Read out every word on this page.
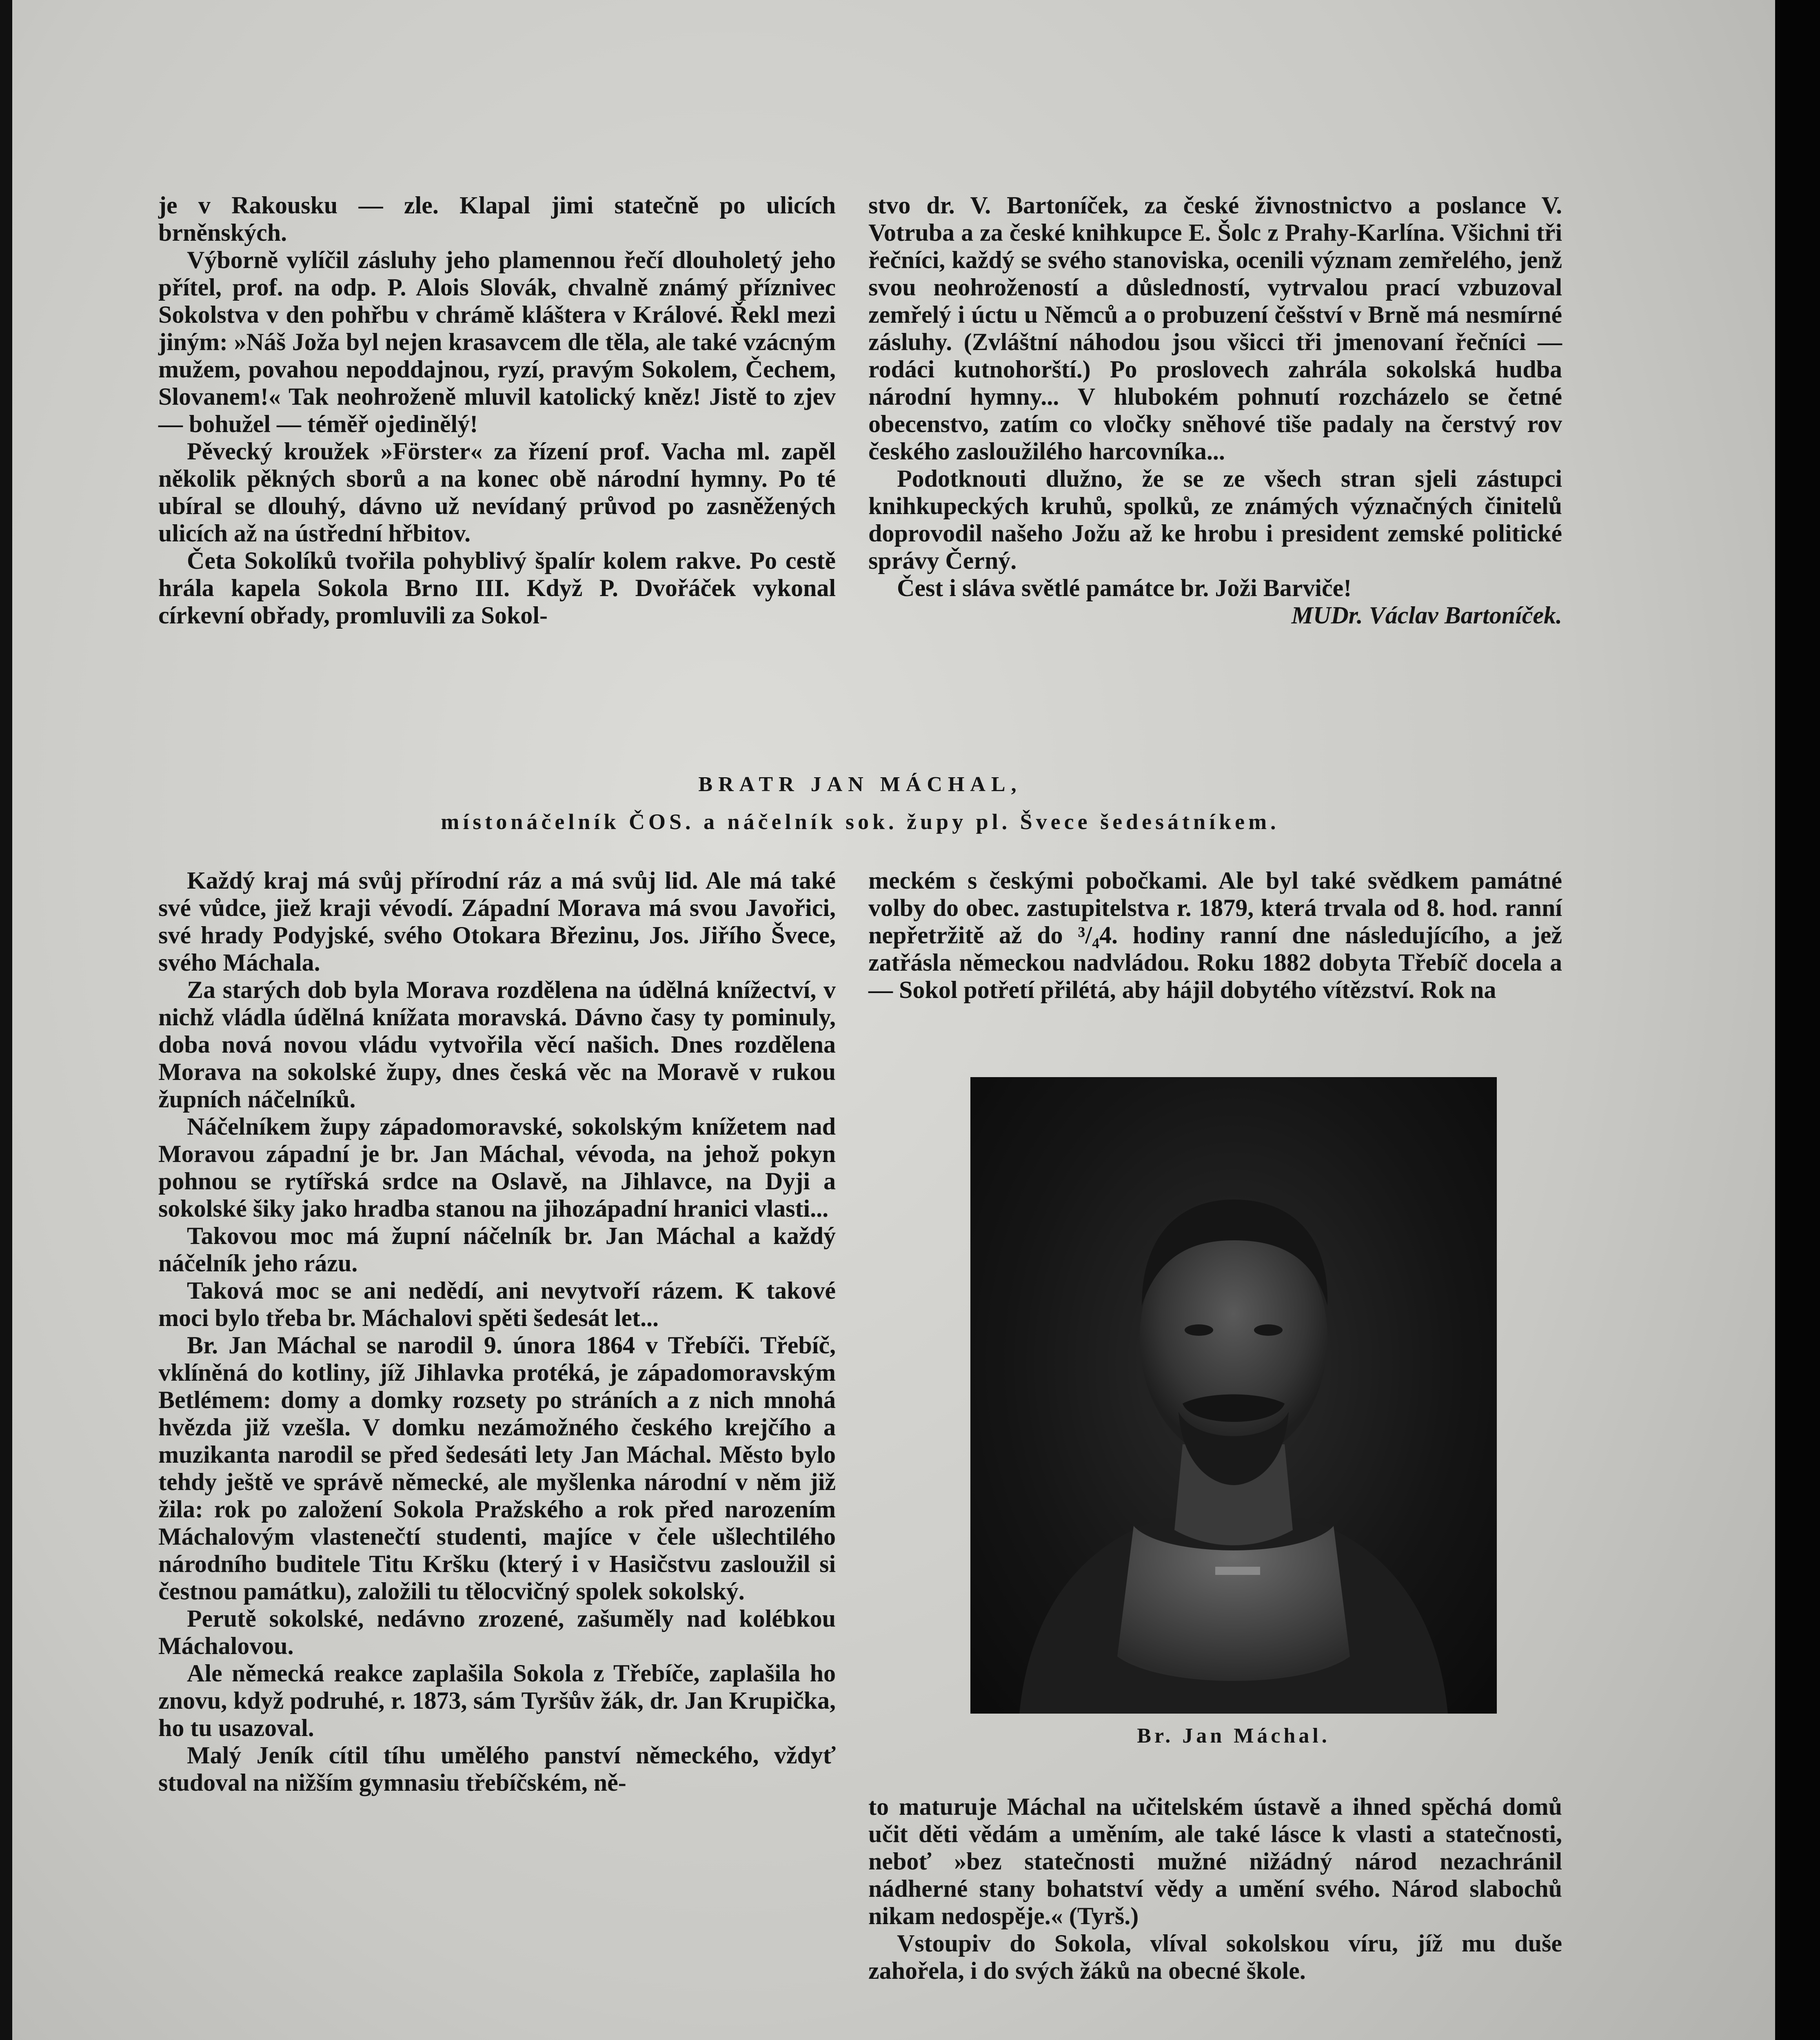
je v Rakousku — zle. Klapal jimi statečně po ulicích brněnských.

Výborně vylíčil zásluhy jeho plamennou řečí dlouholetý jeho přítel, prof. na odp. P. Alois Slovák, chvalně známý příznivec Sokolstva v den pohřbu v chrámě kláštera v Králové. Řekl mezi jiným: »Náš Joža byl nejen krasavcem dle těla, ale také vzácným mužem, povahou nepoddajnou, ryzí, pravým Sokolem, Čechem, Slovanem!« Tak neohroženě mluvil katolický kněz! Jistě to zjev — bohužel — téměř ojedinělý!

Pěvecký kroužek »Förster« za řízení prof. Vacha ml. zapěl několik pěkných sborů a na konec obě národní hymny. Po té ubíral se dlouhý, dávno už nevídaný průvod po zasněžených ulicích až na ústřední hřbitov.

Četa Sokolíků tvořila pohyblivý špalír kolem rakve. Po cestě hrála kapela Sokola Brno III. Když P. Dvořáček vykonal církevní obřady, promluvili za Sokol-

stvo dr. V. Bartoníček, za české živnostnictvo a poslance V. Votruba a za české knihkupce E. Šolc z Prahy-Karlína. Všichni tři řečníci, každý se svého stanoviska, ocenili význam zemřelého, jenž svou neohrožeností a důsledností, vytrvalou prací vzbuzoval zemřelý i úctu u Němců a o probuzení češství v Brně má nesmírné zásluhy. (Zvláštní náhodou jsou všicci tři jmenovaní řečníci — rodáci kutnohorští.) Po proslovech zahrála sokolská hudba národní hymny... V hlubokém pohnutí rozcházelo se četné obecenstvo, zatím co vločky sněhové tiše padaly na čerstvý rov českého zasloužilého harcovníka...

Podotknouti dlužno, že se ze všech stran sjeli zástupci knihkupeckých kruhů, spolků, ze známých význačných činitelů doprovodil našeho Jožu až ke hrobu i president zemské politické správy Černý.

Čest i sláva světlé památce br. Joži Barviče!

MUDr. Václav Bartoníček.

BRATR JAN MÁCHAL,
místonáčelník ČOS. a náčelník sok. župy pl. Švece šedesátníkem.

Každý kraj má svůj přírodní ráz a má svůj lid. Ale má také své vůdce, jiež kraji vévodí. Západní Morava má svou Javořici, své hrady Podyjské, svého Otokara Březinu, Jos. Jiřího Švece, svého Máchala.

Za starých dob byla Morava rozdělena na údělná knížectví, v nichž vládla údělná knížata moravská. Dávno časy ty pominuly, doba nová novou vládu vytvořila věcí našich. Dnes rozdělena Morava na sokolské župy, dnes česká věc na Moravě v rukou župních náčelníků.

Náčelníkem župy západomoravské, sokolským knížetem nad Moravou západní je br. Jan Máchal, vévoda, na jehož pokyn pohnou se rytířská srdce na Oslavě, na Jihlavce, na Dyji a sokolské šiky jako hradba stanou na jihozápadní hranici vlasti...

Takovou moc má župní náčelník br. Jan Máchal a každý náčelník jeho rázu.

Taková moc se ani nedědí, ani nevytvoří rázem. K takové moci bylo třeba br. Máchalovi spěti šedesát let...

Br. Jan Máchal se narodil 9. února 1864 v Třebíči. Třebíč, vklíněná do kotliny, jíž Jihlavka protéká, je západomoravským Betlémem: domy a domky rozsety po stráních a z nich mnohá hvězda již vzešla. V domku nezámožného českého krejčího a muzikanta narodil se před šedesáti lety Jan Máchal. Město bylo tehdy ještě ve správě německé, ale myšlenka národní v něm již žila: rok po založení Sokola Pražského a rok před narozením Máchalovým vlastenečtí studenti, majíce v čele ušlechtilého národního buditele Titu Kršku (který i v Hasičstvu zasloužil si čestnou památku), založili tu tělocvičný spolek sokolský.

Perutě sokolské, nedávno zrozené, zašuměly nad kolébkou Máchalovou.

Ale německá reakce zaplašila Sokola z Třebíče, zaplašila ho znovu, když podruhé, r. 1873, sám Tyršův žák, dr. Jan Krupička, ho tu usazoval.

Malý Jeník cítil tíhu umělého panství německého, vždyť studoval na nižším gymnasiu třebíčském, ně-

meckém s českými pobočkami. Ale byl také svědkem památné volby do obec. zastupitelstva r. 1879, která trvala od 8. hod. ranní nepřetržitě až do ³/₄4. hodiny ranní dne následujícího, a jež zatřásla německou nadvládou. Roku 1882 dobyta Třebíč docela a — Sokol potřetí přilétá, aby hájil dobytého vítězství. Rok na

Br. Jan Máchal.

to maturuje Máchal na učitelském ústavě a ihned spěchá domů učit děti vědám a uměním, ale také lásce k vlasti a statečnosti, neboť »bez statečnosti mužné nižádný národ nezachránil nádherné stany bohatství vědy a umění svého. Národ slabochů nikam nedospěje.« (Tyrš.)

Vstoupiv do Sokola, vlíval sokolskou víru, jíž mu duše zahořela, i do svých žáků na obecné škole.
